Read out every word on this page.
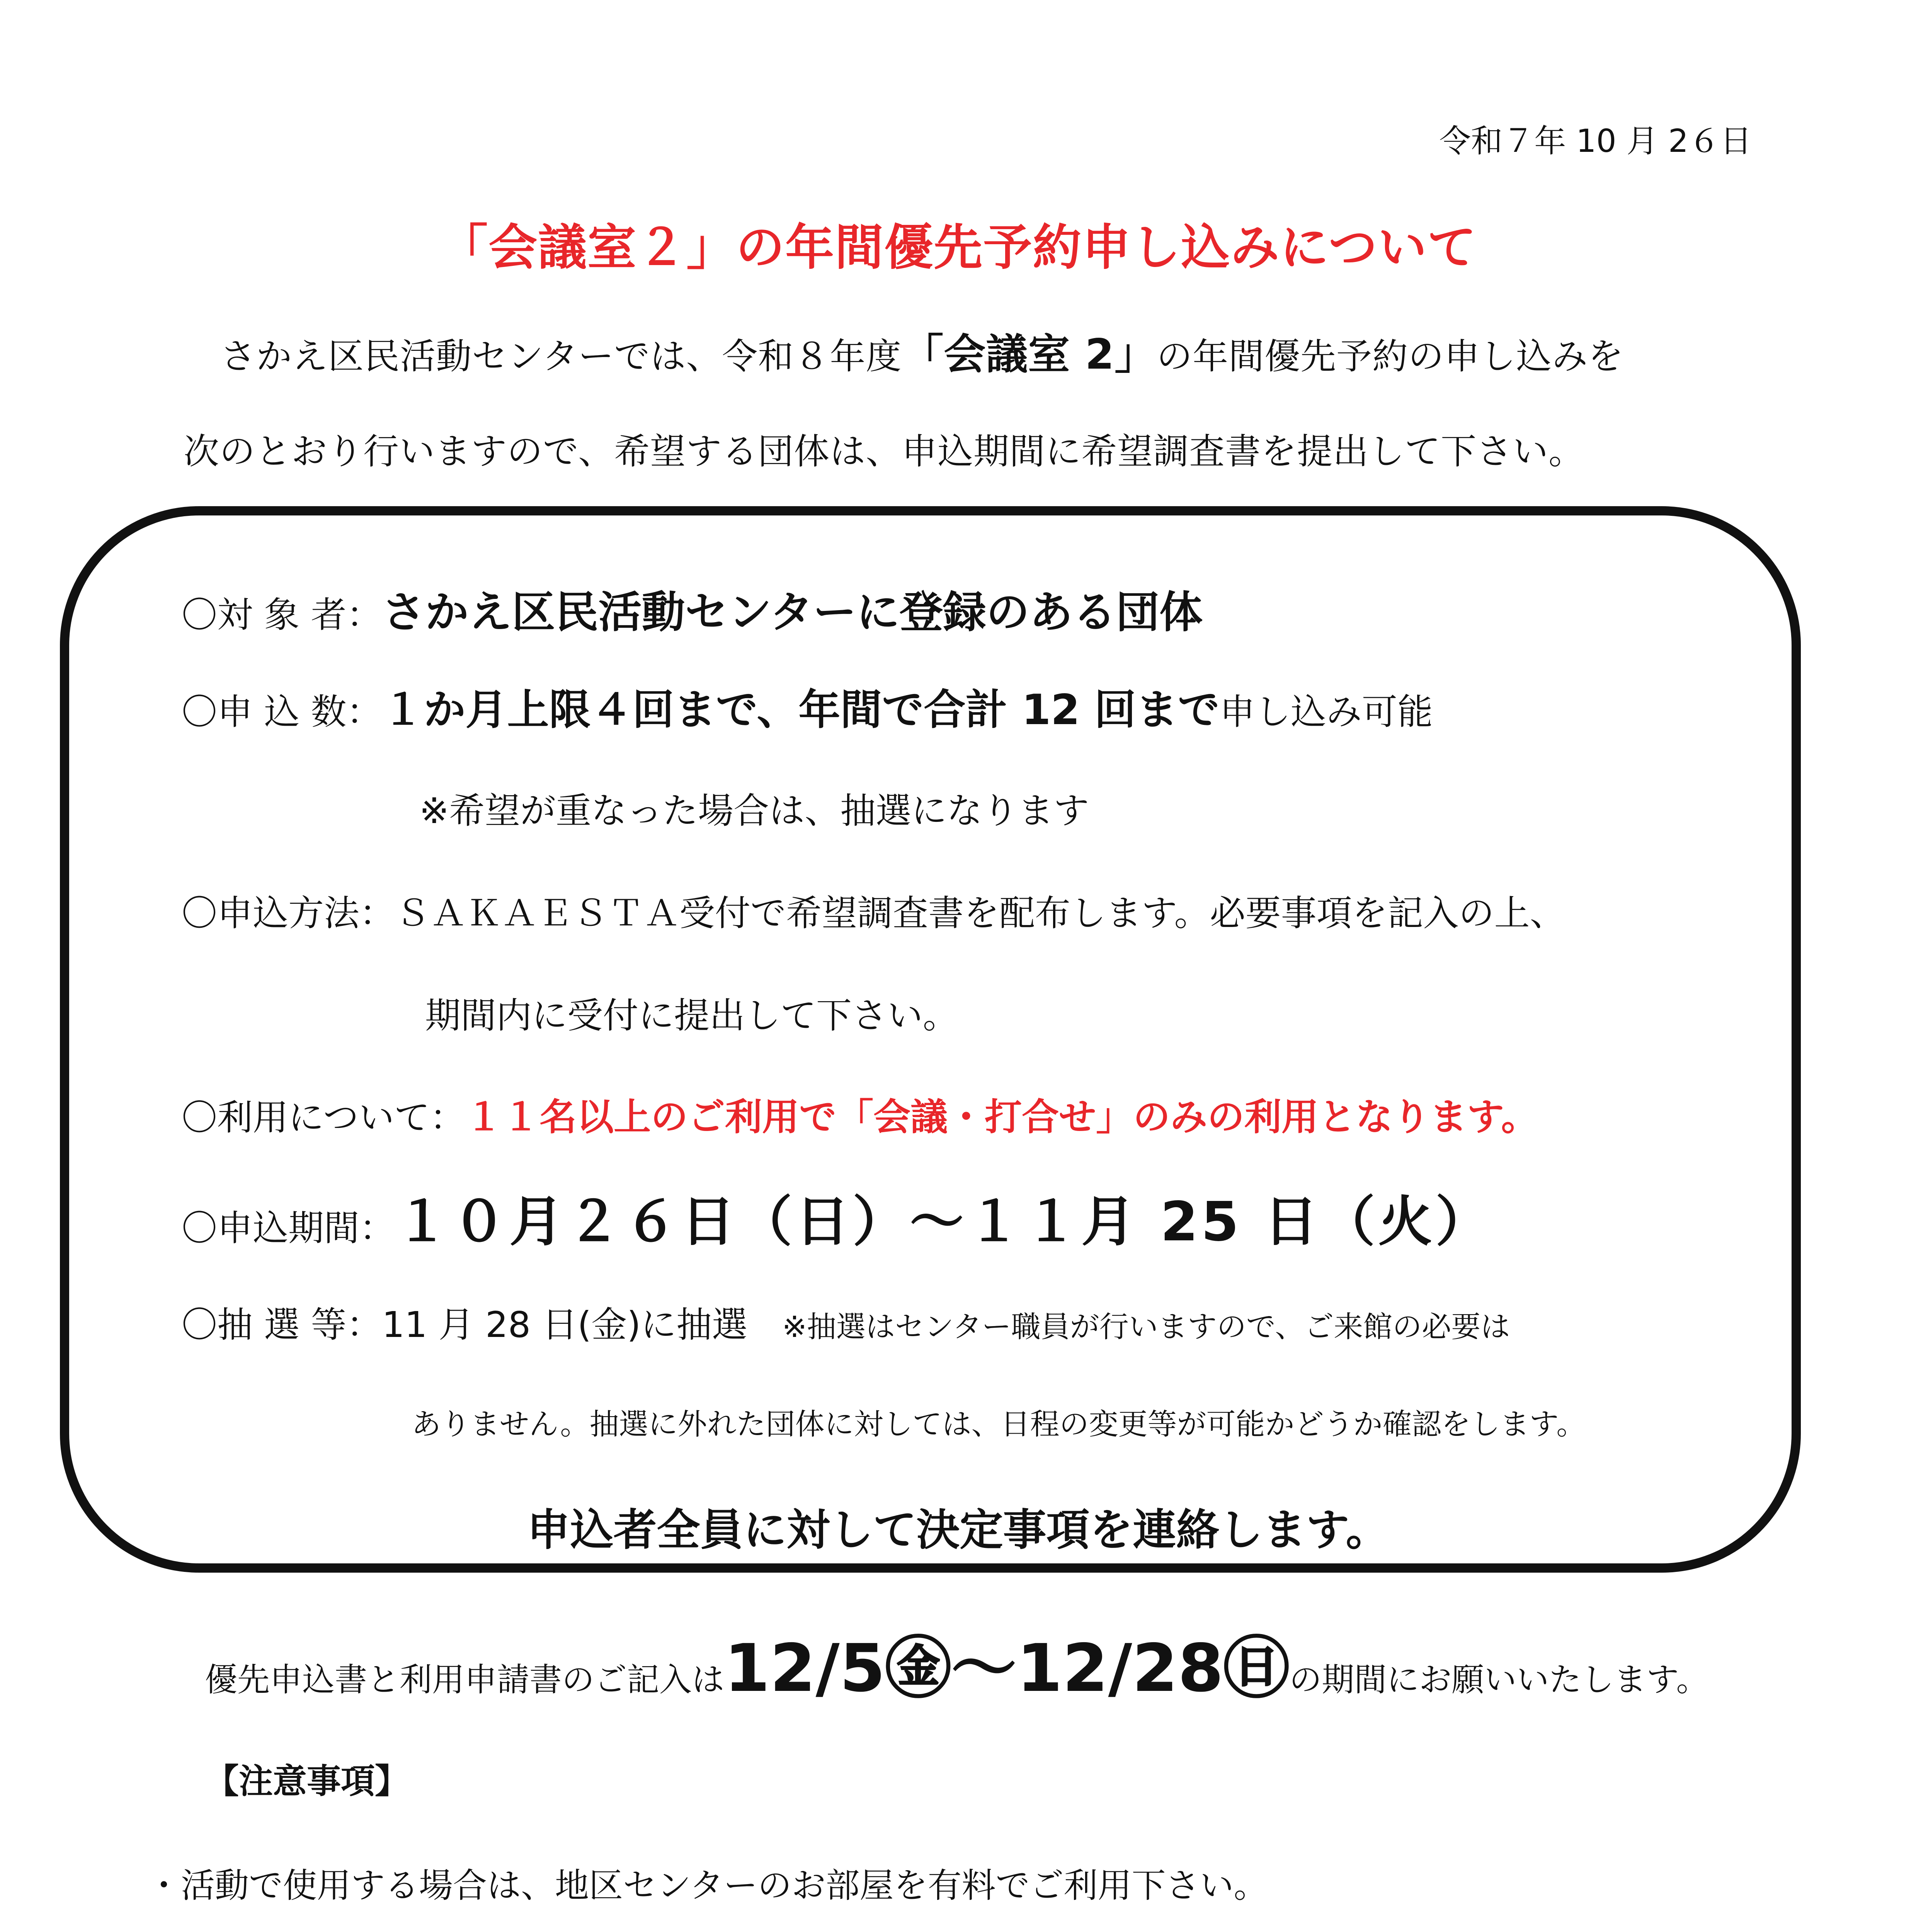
令和７年 10 月 2６日
「会議室２」の年間優先予約申し込みについて
さかえ区民活動センターでは、令和８年度「会議室 2」の年間優先予約の申し込みを
次のとおり行いますので、希望する団体は、申込期間に希望調査書を提出して下さい。
〇対 象 者：さかえ区民活動センターに登録のある団体
〇申 込 数：１か月上限４回まで、年間で合計 12 回まで申し込み可能
※希望が重なった場合は、抽選になります
〇申込方法：ＳＡＫＡＥＳＴＡ受付で希望調査書を配布します。必要事項を記入の上、
期間内に受付に提出して下さい。
〇利用について：１１名以上のご利用で「会議・打合せ」のみの利用となります。
〇申込期間：１０月２６日（日）～１１月 25 日（火）
〇抽 選 等：11 月 28 日(金)に抽選 ※抽選はセンター職員が行いますので、ご来館の必要は
ありません。抽選に外れた団体に対しては、日程の変更等が可能かどうか確認をします。
申込者全員に対して決定事項を連絡します。
優先申込書と利用申請書のご記入は12/5㊎～12/28㊐の期間にお願いいたします。
【注意事項】
・活動で使用する場合は、地区センターのお部屋を有料でご利用下さい。
